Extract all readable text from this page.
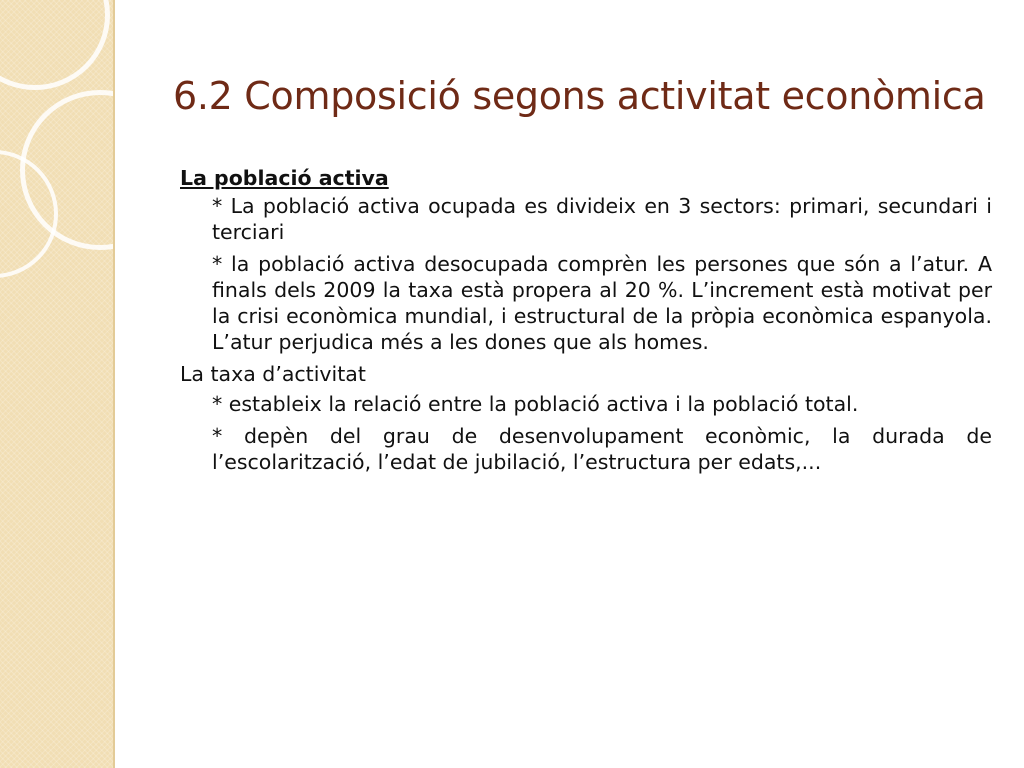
6.2 Composició segons activitat econòmica

La població activa

* La població activa ocupada es divideix en 3 sectors: primari, secundari i terciari

* la població activa desocupada comprèn les persones que són a l’atur. A finals dels 2009 la taxa està propera al 20 %. L’increment està motivat per la crisi econòmica mundial, i estructural de la pròpia econòmica espanyola. L’atur perjudica més a les dones que als homes.

La taxa d’activitat

* estableix la relació entre la població activa i la població total.

* depèn del grau de desenvolupament econòmic, la durada de l’escolarització, l’edat de jubilació, l’estructura per edats,...
